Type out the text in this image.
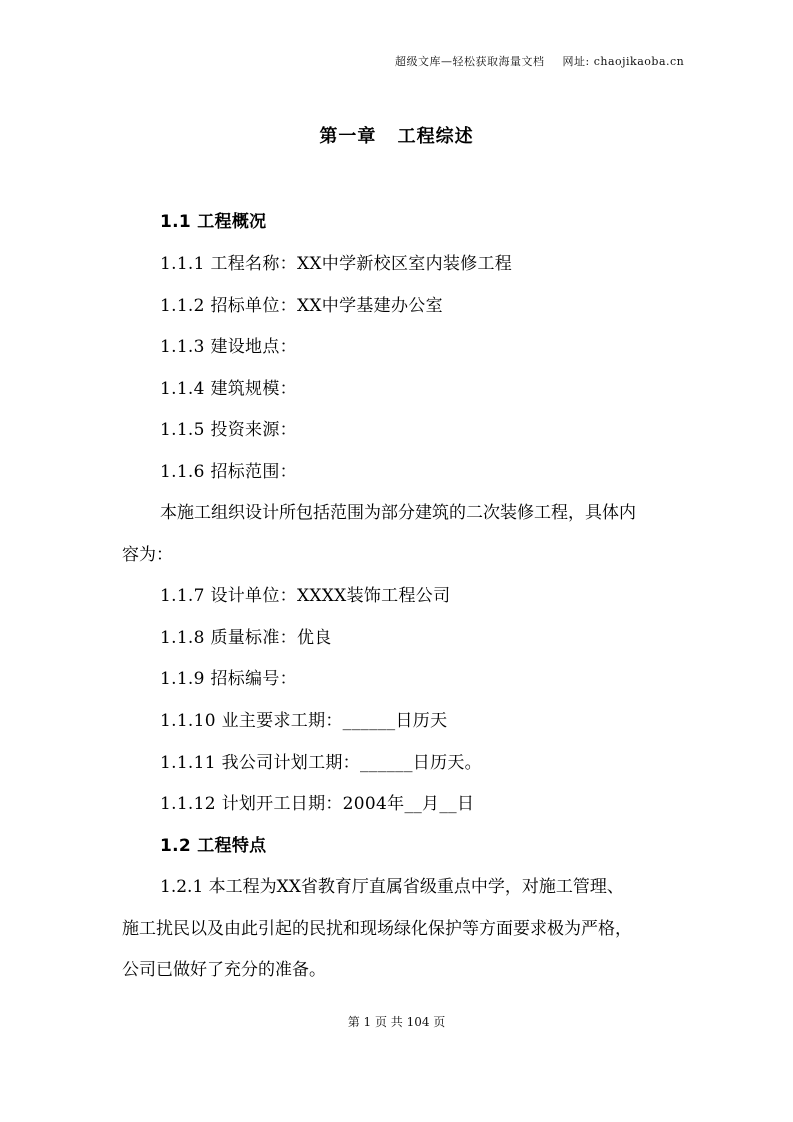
超级文库—轻松获取海量文档 网址: chaojikaoba.cn
第一章 工程综述
1.1 工程概况
1.1.1 工程名称：XX中学新校区室内装修工程
1.1.2 招标单位：XX中学基建办公室
1.1.3 建设地点：
1.1.4 建筑规模：
1.1.5 投资来源：
1.1.6 招标范围：
本施工组织设计所包括范围为部分建筑的二次装修工程，具体内
容为：
1.1.7 设计单位：XXXX装饰工程公司
1.1.8 质量标准：优良
1.1.9 招标编号：
1.1.10 业主要求工期：______日历天
1.1.11 我公司计划工期：______日历天。
1.1.12 计划开工日期：2004年__月__日
1.2 工程特点
1.2.1 本工程为XX省教育厅直属省级重点中学，对施工管理、
施工扰民以及由此引起的民扰和现场绿化保护等方面要求极为严格，
公司已做好了充分的准备。
第 1 页 共 104 页
